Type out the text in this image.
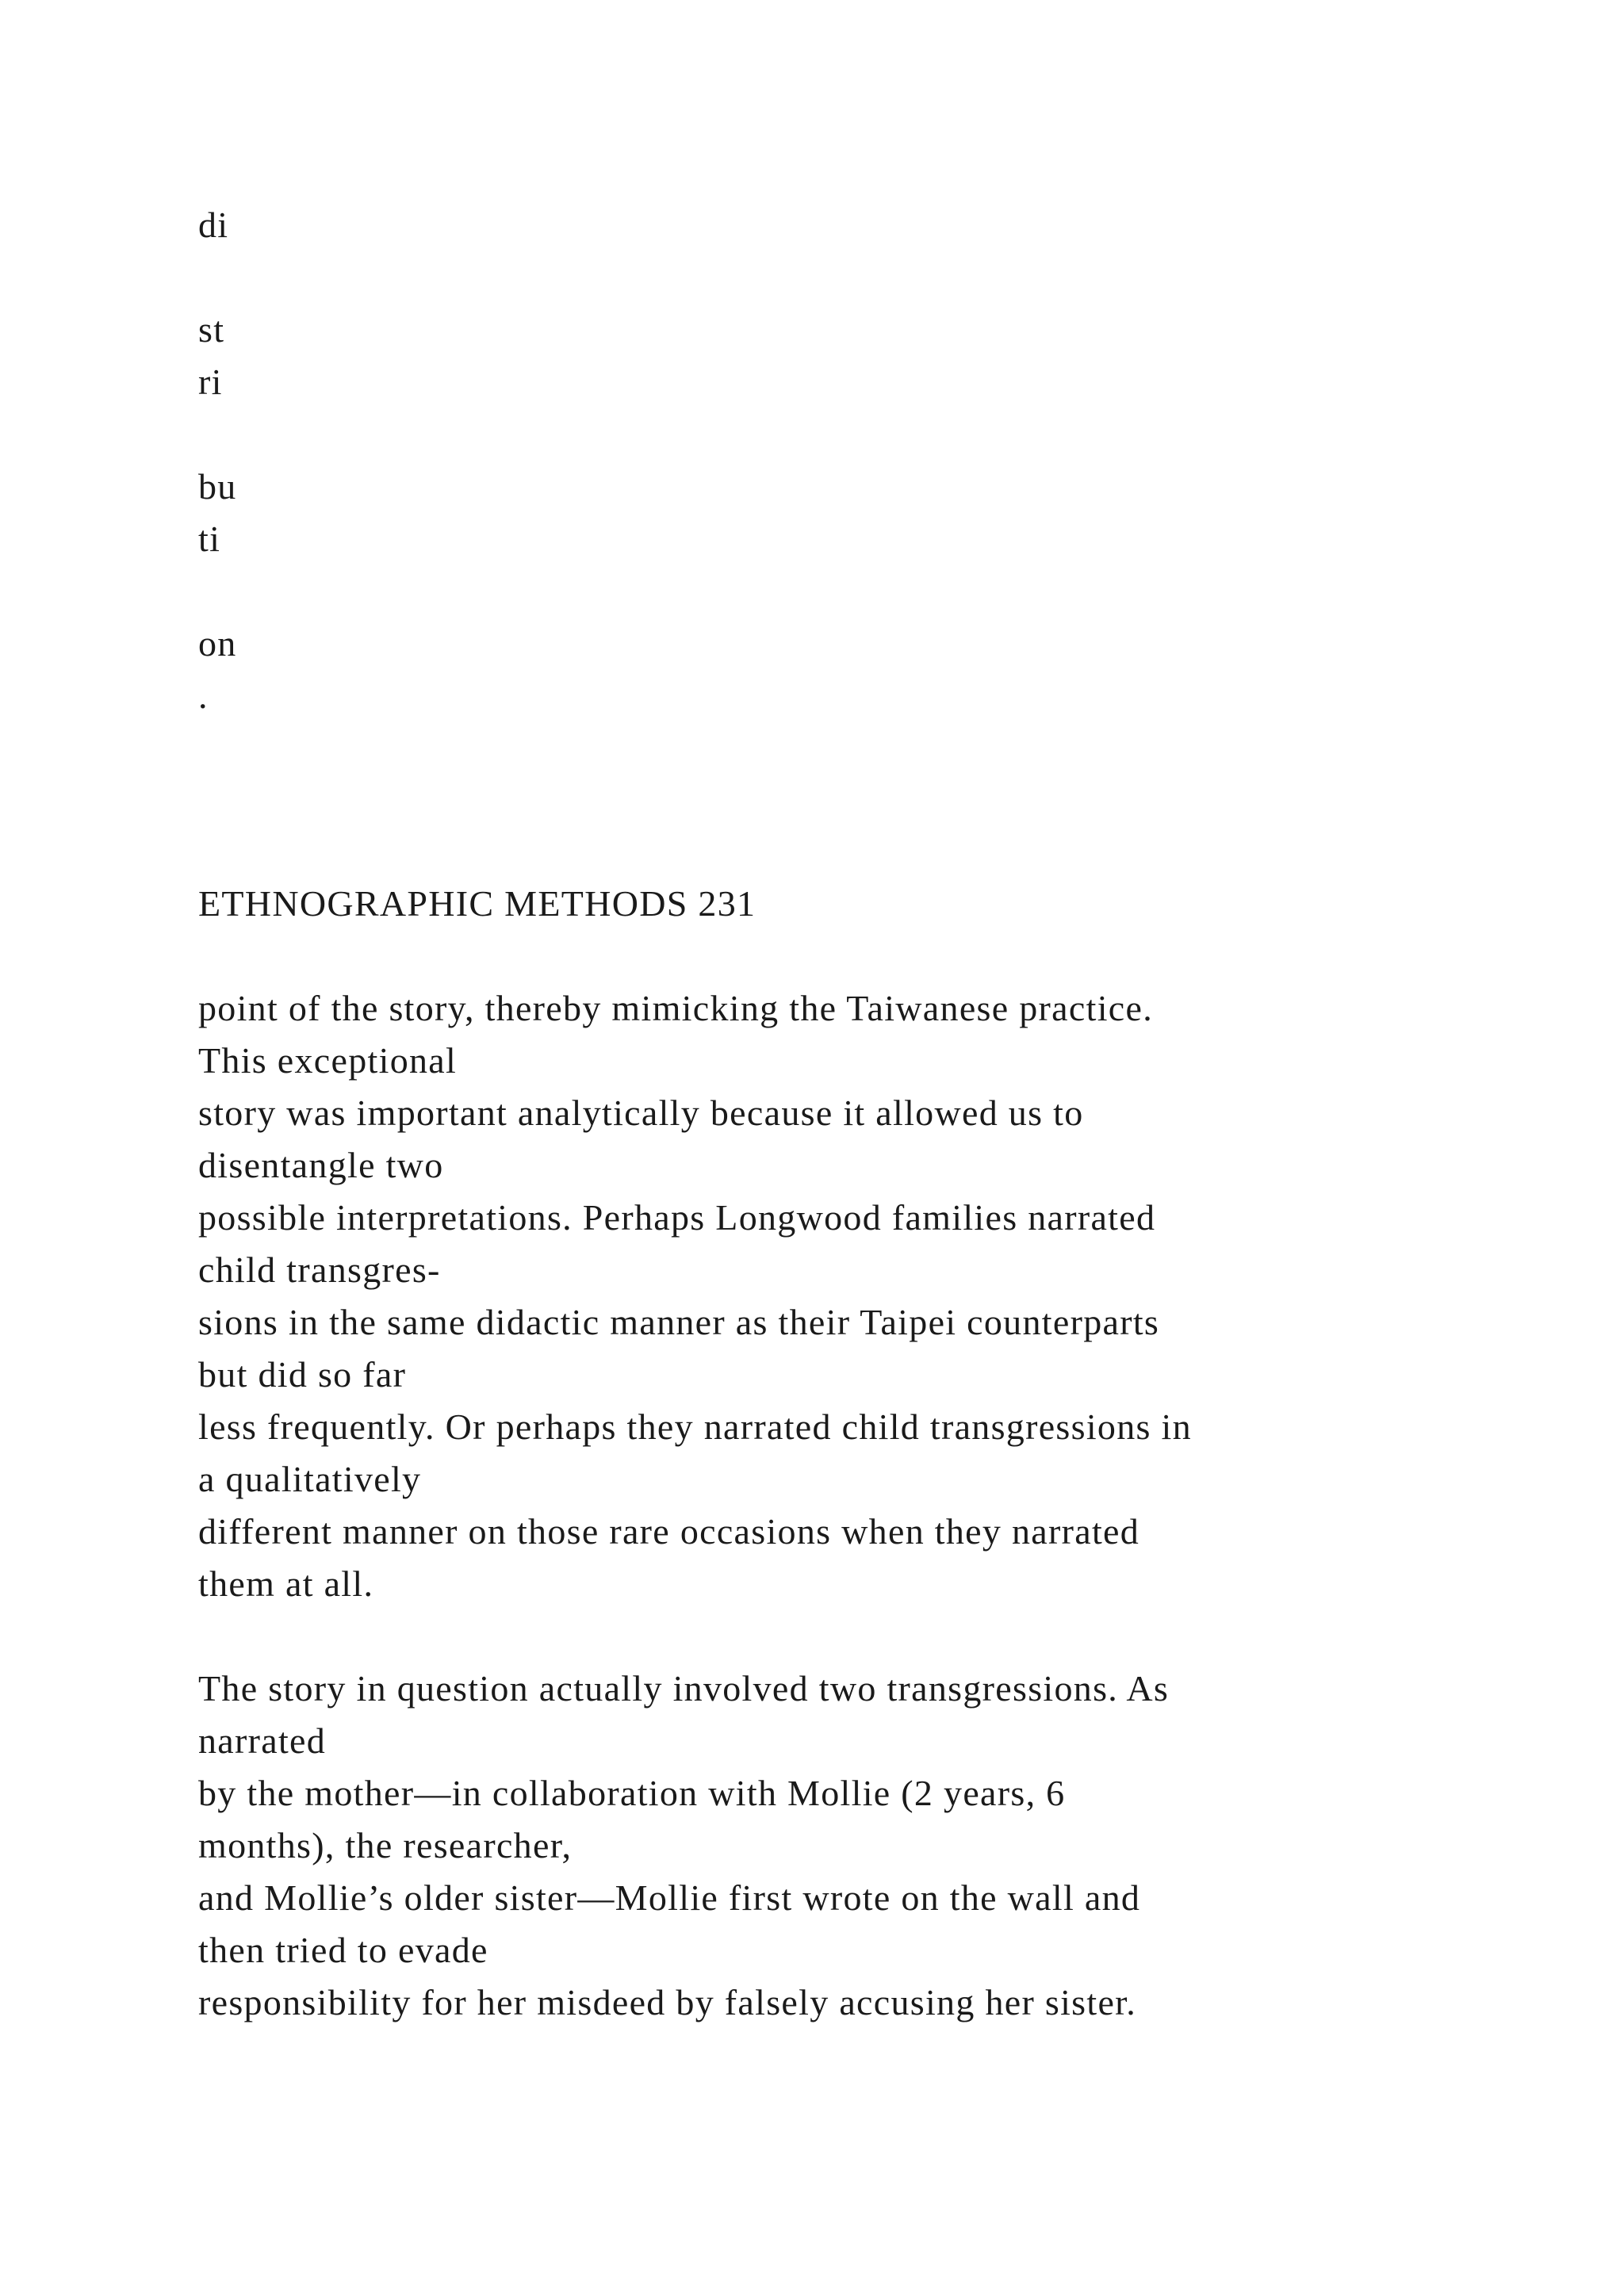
di

st

ri

bu

ti

on

.

ETHNOGRAPHIC METHODS 231

point of the story, thereby mimicking the Taiwanese practice.

This exceptional

story was important analytically because it allowed us to

disentangle two

possible interpretations. Perhaps Longwood families narrated

child transgres-

sions in the same didactic manner as their Taipei counterparts

but did so far

less frequently. Or perhaps they narrated child transgressions in

a qualitatively

different manner on those rare occasions when they narrated

them at all.

The story in question actually involved two transgressions. As

narrated

by the mother—in collaboration with Mollie (2 years, 6

months), the researcher,

and Mollie’s older sister—Mollie first wrote on the wall and

then tried to evade

responsibility for her misdeed by falsely accusing her sister.
